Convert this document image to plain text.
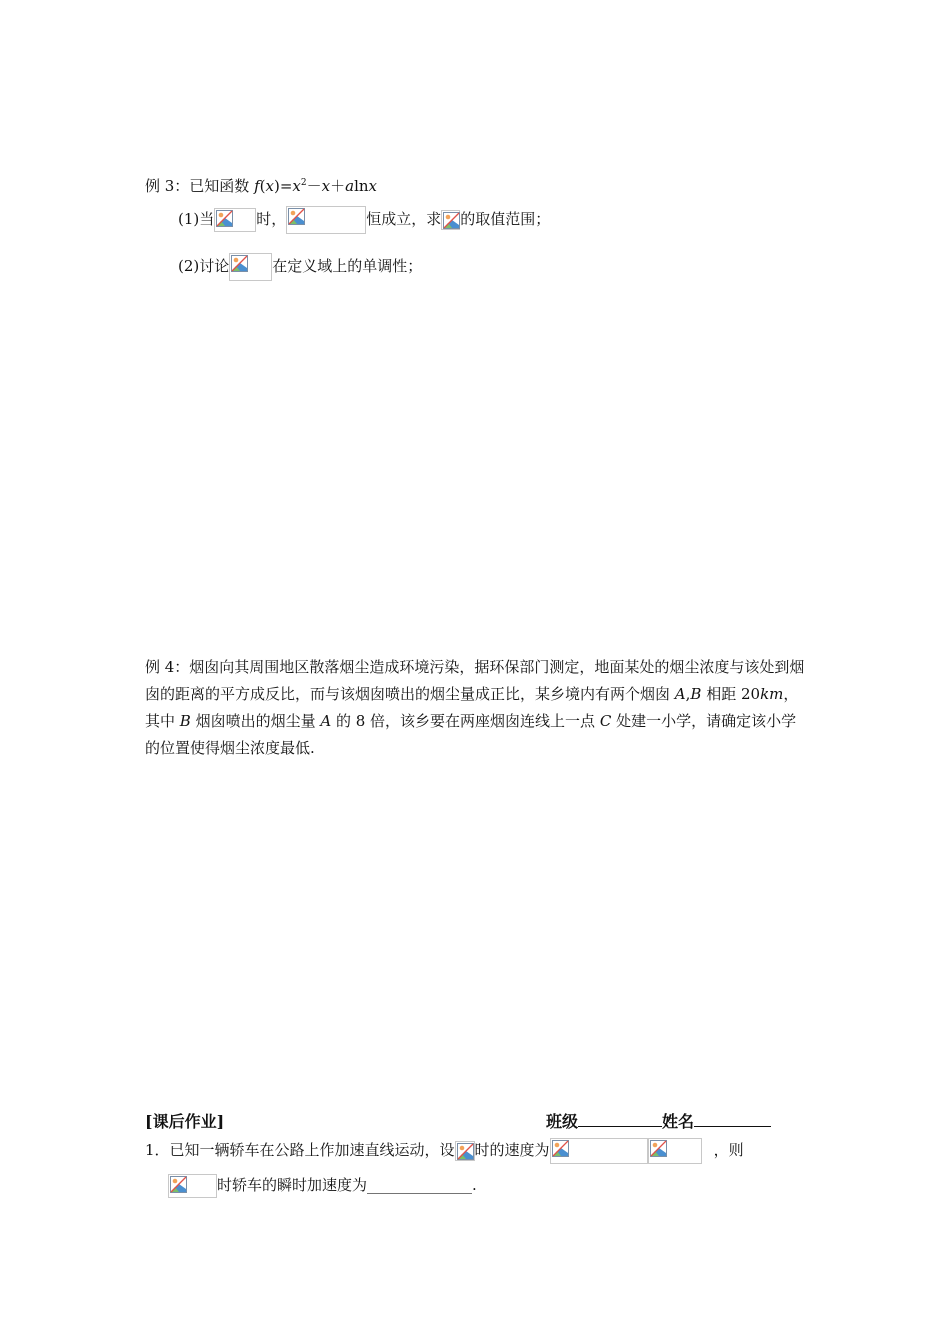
例 3：已知函数 $f(x)=x^2-x+alnx$
(1)当	时，	恒成立，求 的取值范围；
(2)讨论	在定义域上的单调性；
例 4：烟囱向其周围地区散落烟尘造成环境污染，据环保部门测定，地面某处的烟尘浓度与该处到烟囱的距离的平方成反比，而与该烟囱喷出的烟尘量成正比，某乡境内有两个烟囱 A,B 相距 20km，其中 B 烟囱喷出的烟尘量 A 的 8 倍，该乡要在两座烟囱连线上一点 C 处建一小学，请确定该小学的位置使得烟尘浓度最低.
[课后作业]	班级	姓名
1．已知一辆轿车在公路上作加速直线运动，设 时的速度为	，则
时轿车的瞬时加速度为______________.
